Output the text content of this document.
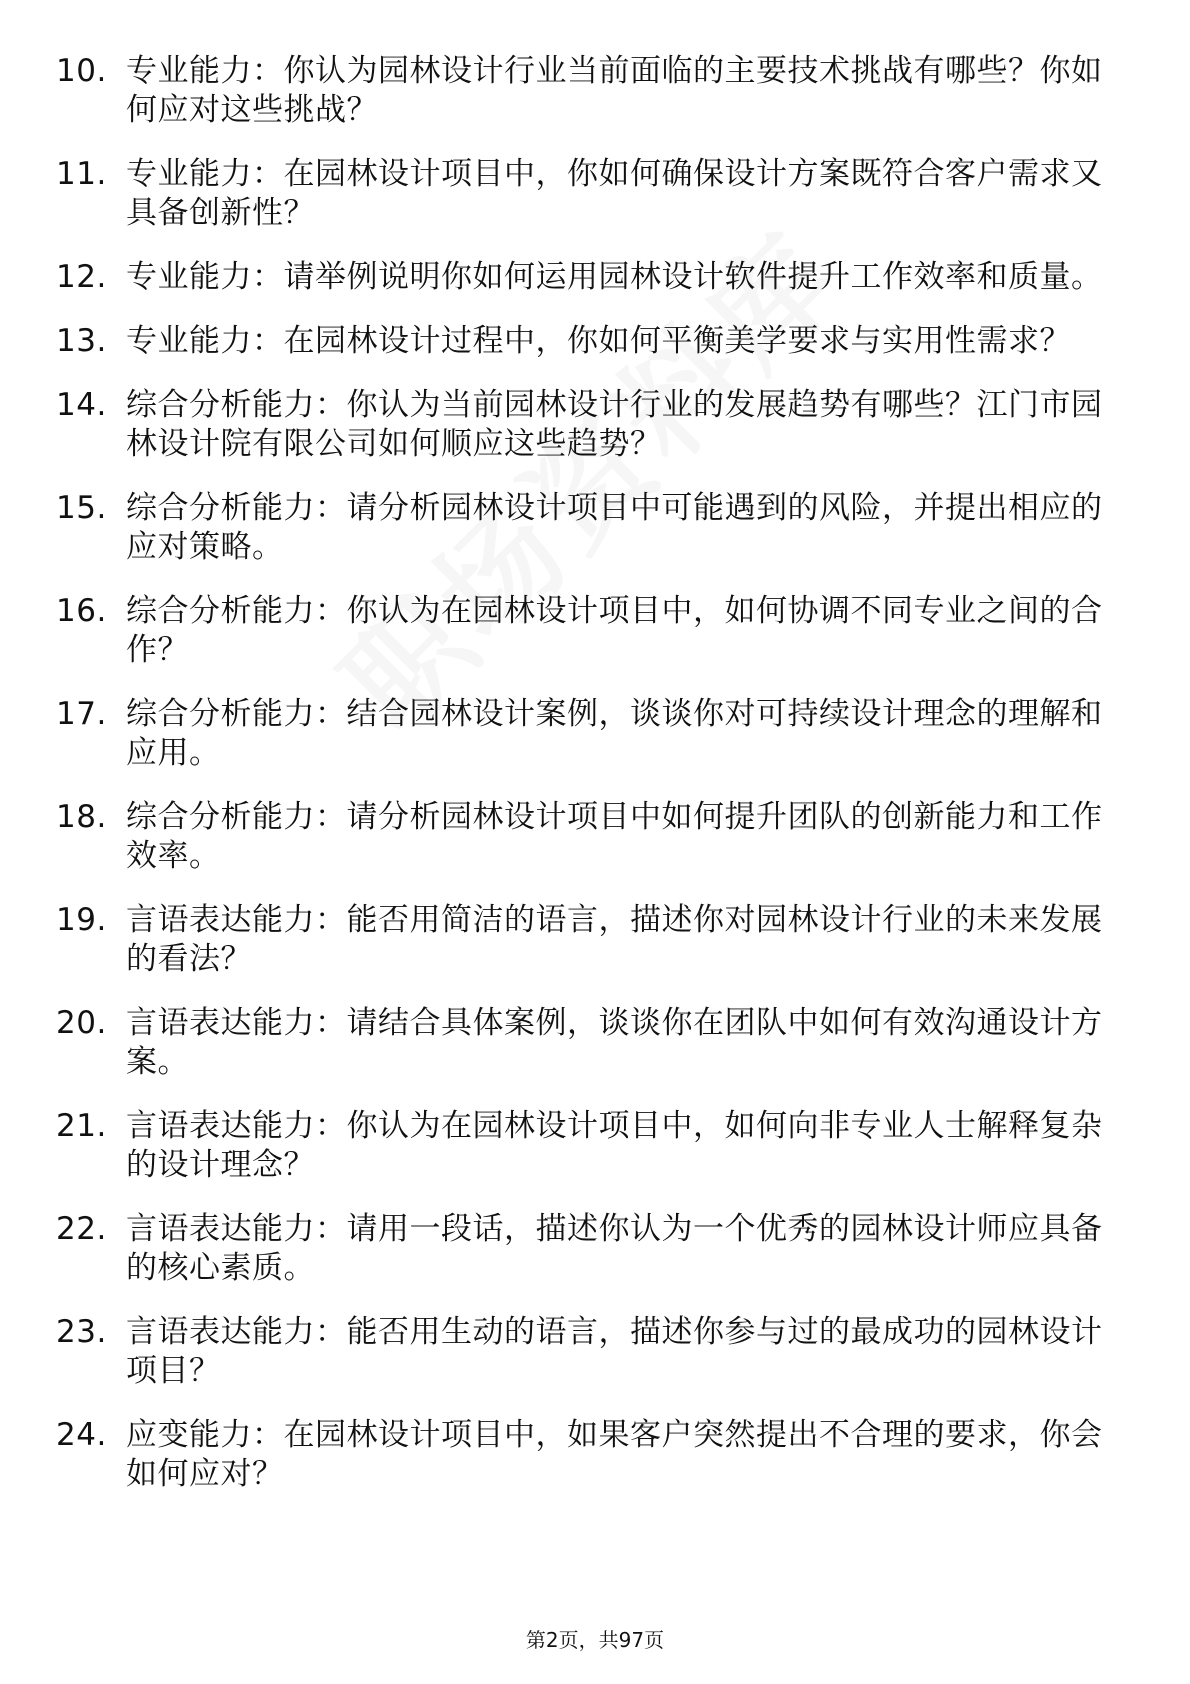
10. 专业能力：你认为园林设计行业当前面临的主要技术挑战有哪些？你如何应对这些挑战？
11. 专业能力：在园林设计项目中，你如何确保设计方案既符合客户需求又具备创新性？
12. 专业能力：请举例说明你如何运用园林设计软件提升工作效率和质量。
13. 专业能力：在园林设计过程中，你如何平衡美学要求与实用性需求？
14. 综合分析能力：你认为当前园林设计行业的发展趋势有哪些？江门市园林设计院有限公司如何顺应这些趋势？
15. 综合分析能力：请分析园林设计项目中可能遇到的风险，并提出相应的应对策略。
16. 综合分析能力：你认为在园林设计项目中，如何协调不同专业之间的合作？
17. 综合分析能力：结合园林设计案例，谈谈你对可持续设计理念的理解和应用。
18. 综合分析能力：请分析园林设计项目中如何提升团队的创新能力和工作效率。
19. 言语表达能力：能否用简洁的语言，描述你对园林设计行业的未来发展的看法？
20. 言语表达能力：请结合具体案例，谈谈你在团队中如何有效沟通设计方案。
21. 言语表达能力：你认为在园林设计项目中，如何向非专业人士解释复杂的设计理念？
22. 言语表达能力：请用一段话，描述你认为一个优秀的园林设计师应具备的核心素质。
23. 言语表达能力：能否用生动的语言，描述你参与过的最成功的园林设计项目？
24. 应变能力：在园林设计项目中，如果客户突然提出不合理的要求，你会如何应对？
第2页，共97页
